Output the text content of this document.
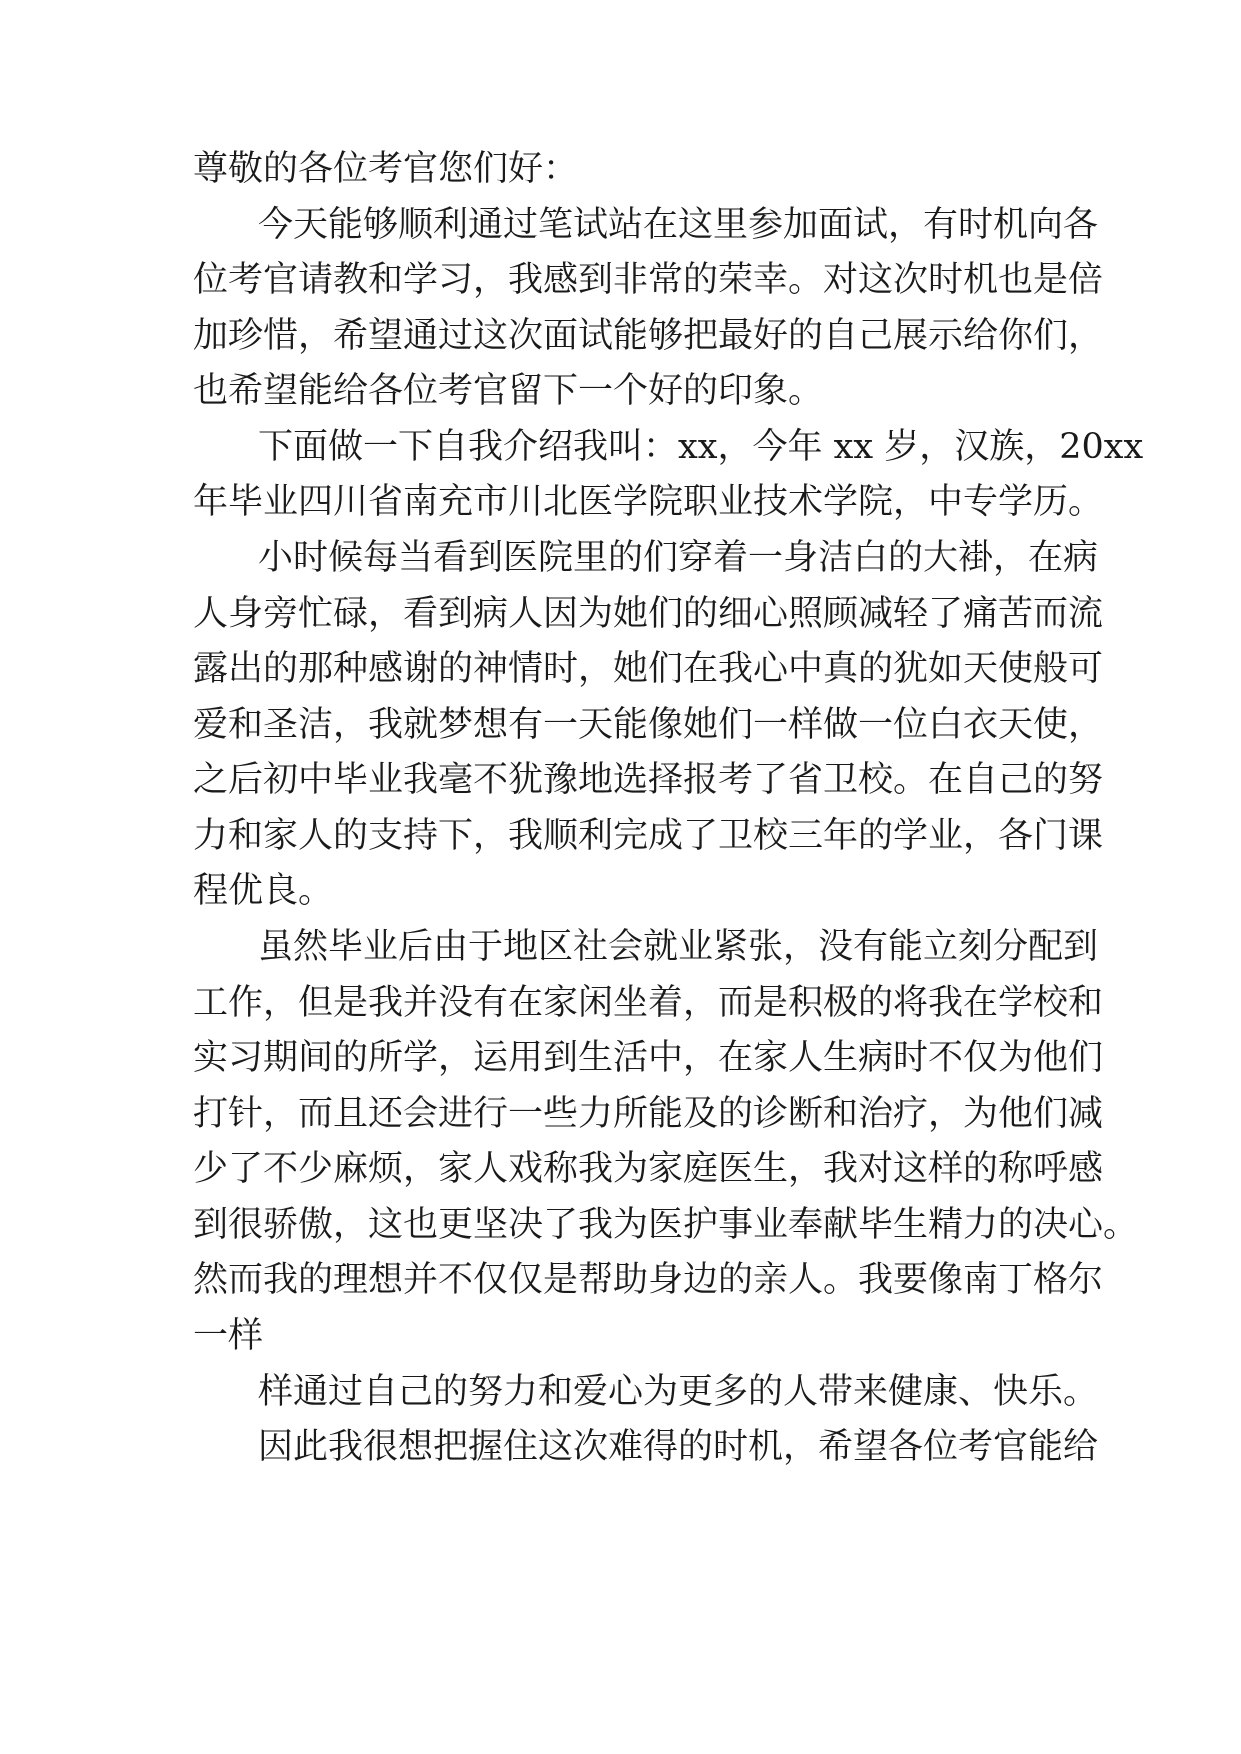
尊敬的各位考官您们好：

今天能够顺利通过笔试站在这里参加面试，有时机向各

位考官请教和学习，我感到非常的荣幸。对这次时机也是倍

加珍惜，希望通过这次面试能够把最好的自己展示给你们，

也希望能给各位考官留下一个好的印象。

下面做一下自我介绍我叫：xx，今年 xx 岁，汉族，20xx

年毕业四川省南充市川北医学院职业技术学院，中专学历。

小时候每当看到医院里的们穿着一身洁白的大褂，在病

人身旁忙碌，看到病人因为她们的细心照顾减轻了痛苦而流

露出的那种感谢的神情时，她们在我心中真的犹如天使般可

爱和圣洁，我就梦想有一天能像她们一样做一位白衣天使，

之后初中毕业我毫不犹豫地选择报考了省卫校。在自己的努

力和家人的支持下，我顺利完成了卫校三年的学业，各门课

程优良。

虽然毕业后由于地区社会就业紧张，没有能立刻分配到

工作，但是我并没有在家闲坐着，而是积极的将我在学校和

实习期间的所学，运用到生活中，在家人生病时不仅为他们

打针，而且还会进行一些力所能及的诊断和治疗，为他们减

少了不少麻烦，家人戏称我为家庭医生，我对这样的称呼感

到很骄傲，这也更坚决了我为医护事业奉献毕生精力的决心。

然而我的理想并不仅仅是帮助身边的亲人。我要像南丁格尔

一样

样通过自己的努力和爱心为更多的人带来健康、快乐。

因此我很想把握住这次难得的时机，希望各位考官能给
